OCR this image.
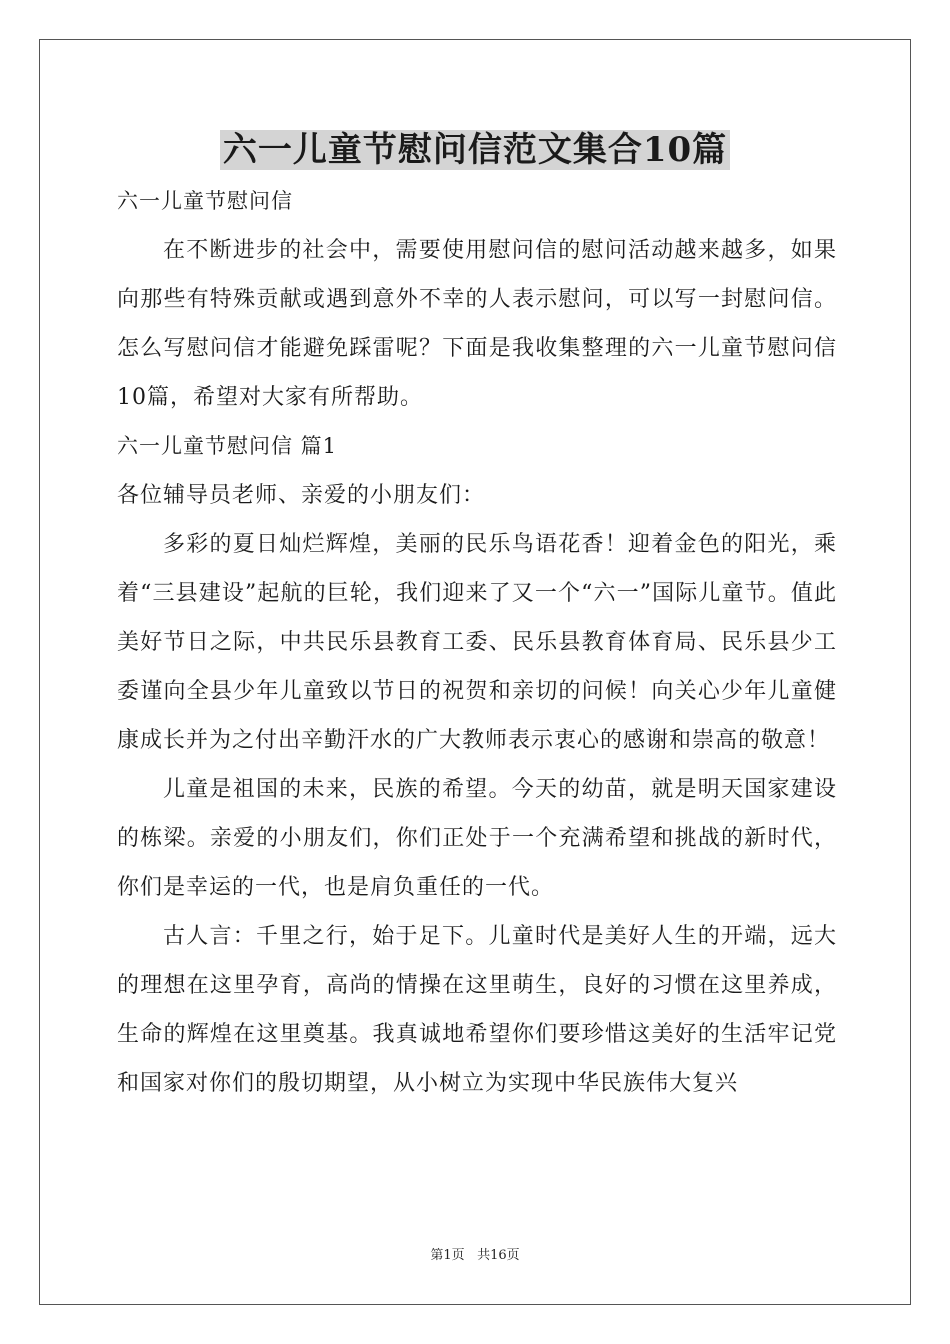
六一儿童节慰问信范文集合10篇

六一儿童节慰问信

在不断进步的社会中，需要使用慰问信的慰问活动越来越多，如果向那些有特殊贡献或遇到意外不幸的人表示慰问，可以写一封慰问信。怎么写慰问信才能避免踩雷呢？下面是我收集整理的六一儿童节慰问信10篇，希望对大家有所帮助。

六一儿童节慰问信 篇1

各位辅导员老师、亲爱的小朋友们：

多彩的夏日灿烂辉煌，美丽的民乐鸟语花香！迎着金色的阳光，乘着“三县建设”起航的巨轮，我们迎来了又一个“六一”国际儿童节。值此美好节日之际，中共民乐县教育工委、民乐县教育体育局、民乐县少工委谨向全县少年儿童致以节日的祝贺和亲切的问候！向关心少年儿童健康成长并为之付出辛勤汗水的广大教师表示衷心的感谢和崇高的敬意！

儿童是祖国的未来，民族的希望。今天的幼苗，就是明天国家建设的栋梁。亲爱的小朋友们，你们正处于一个充满希望和挑战的新时代，你们是幸运的一代，也是肩负重任的一代。

古人言：千里之行，始于足下。儿童时代是美好人生的开端，远大的理想在这里孕育，高尚的情操在这里萌生，良好的习惯在这里养成，生命的辉煌在这里奠基。我真诚地希望你们要珍惜这美好的生活牢记党和国家对你们的殷切期望，从小树立为实现中华民族伟大复兴

第1页 共16页
